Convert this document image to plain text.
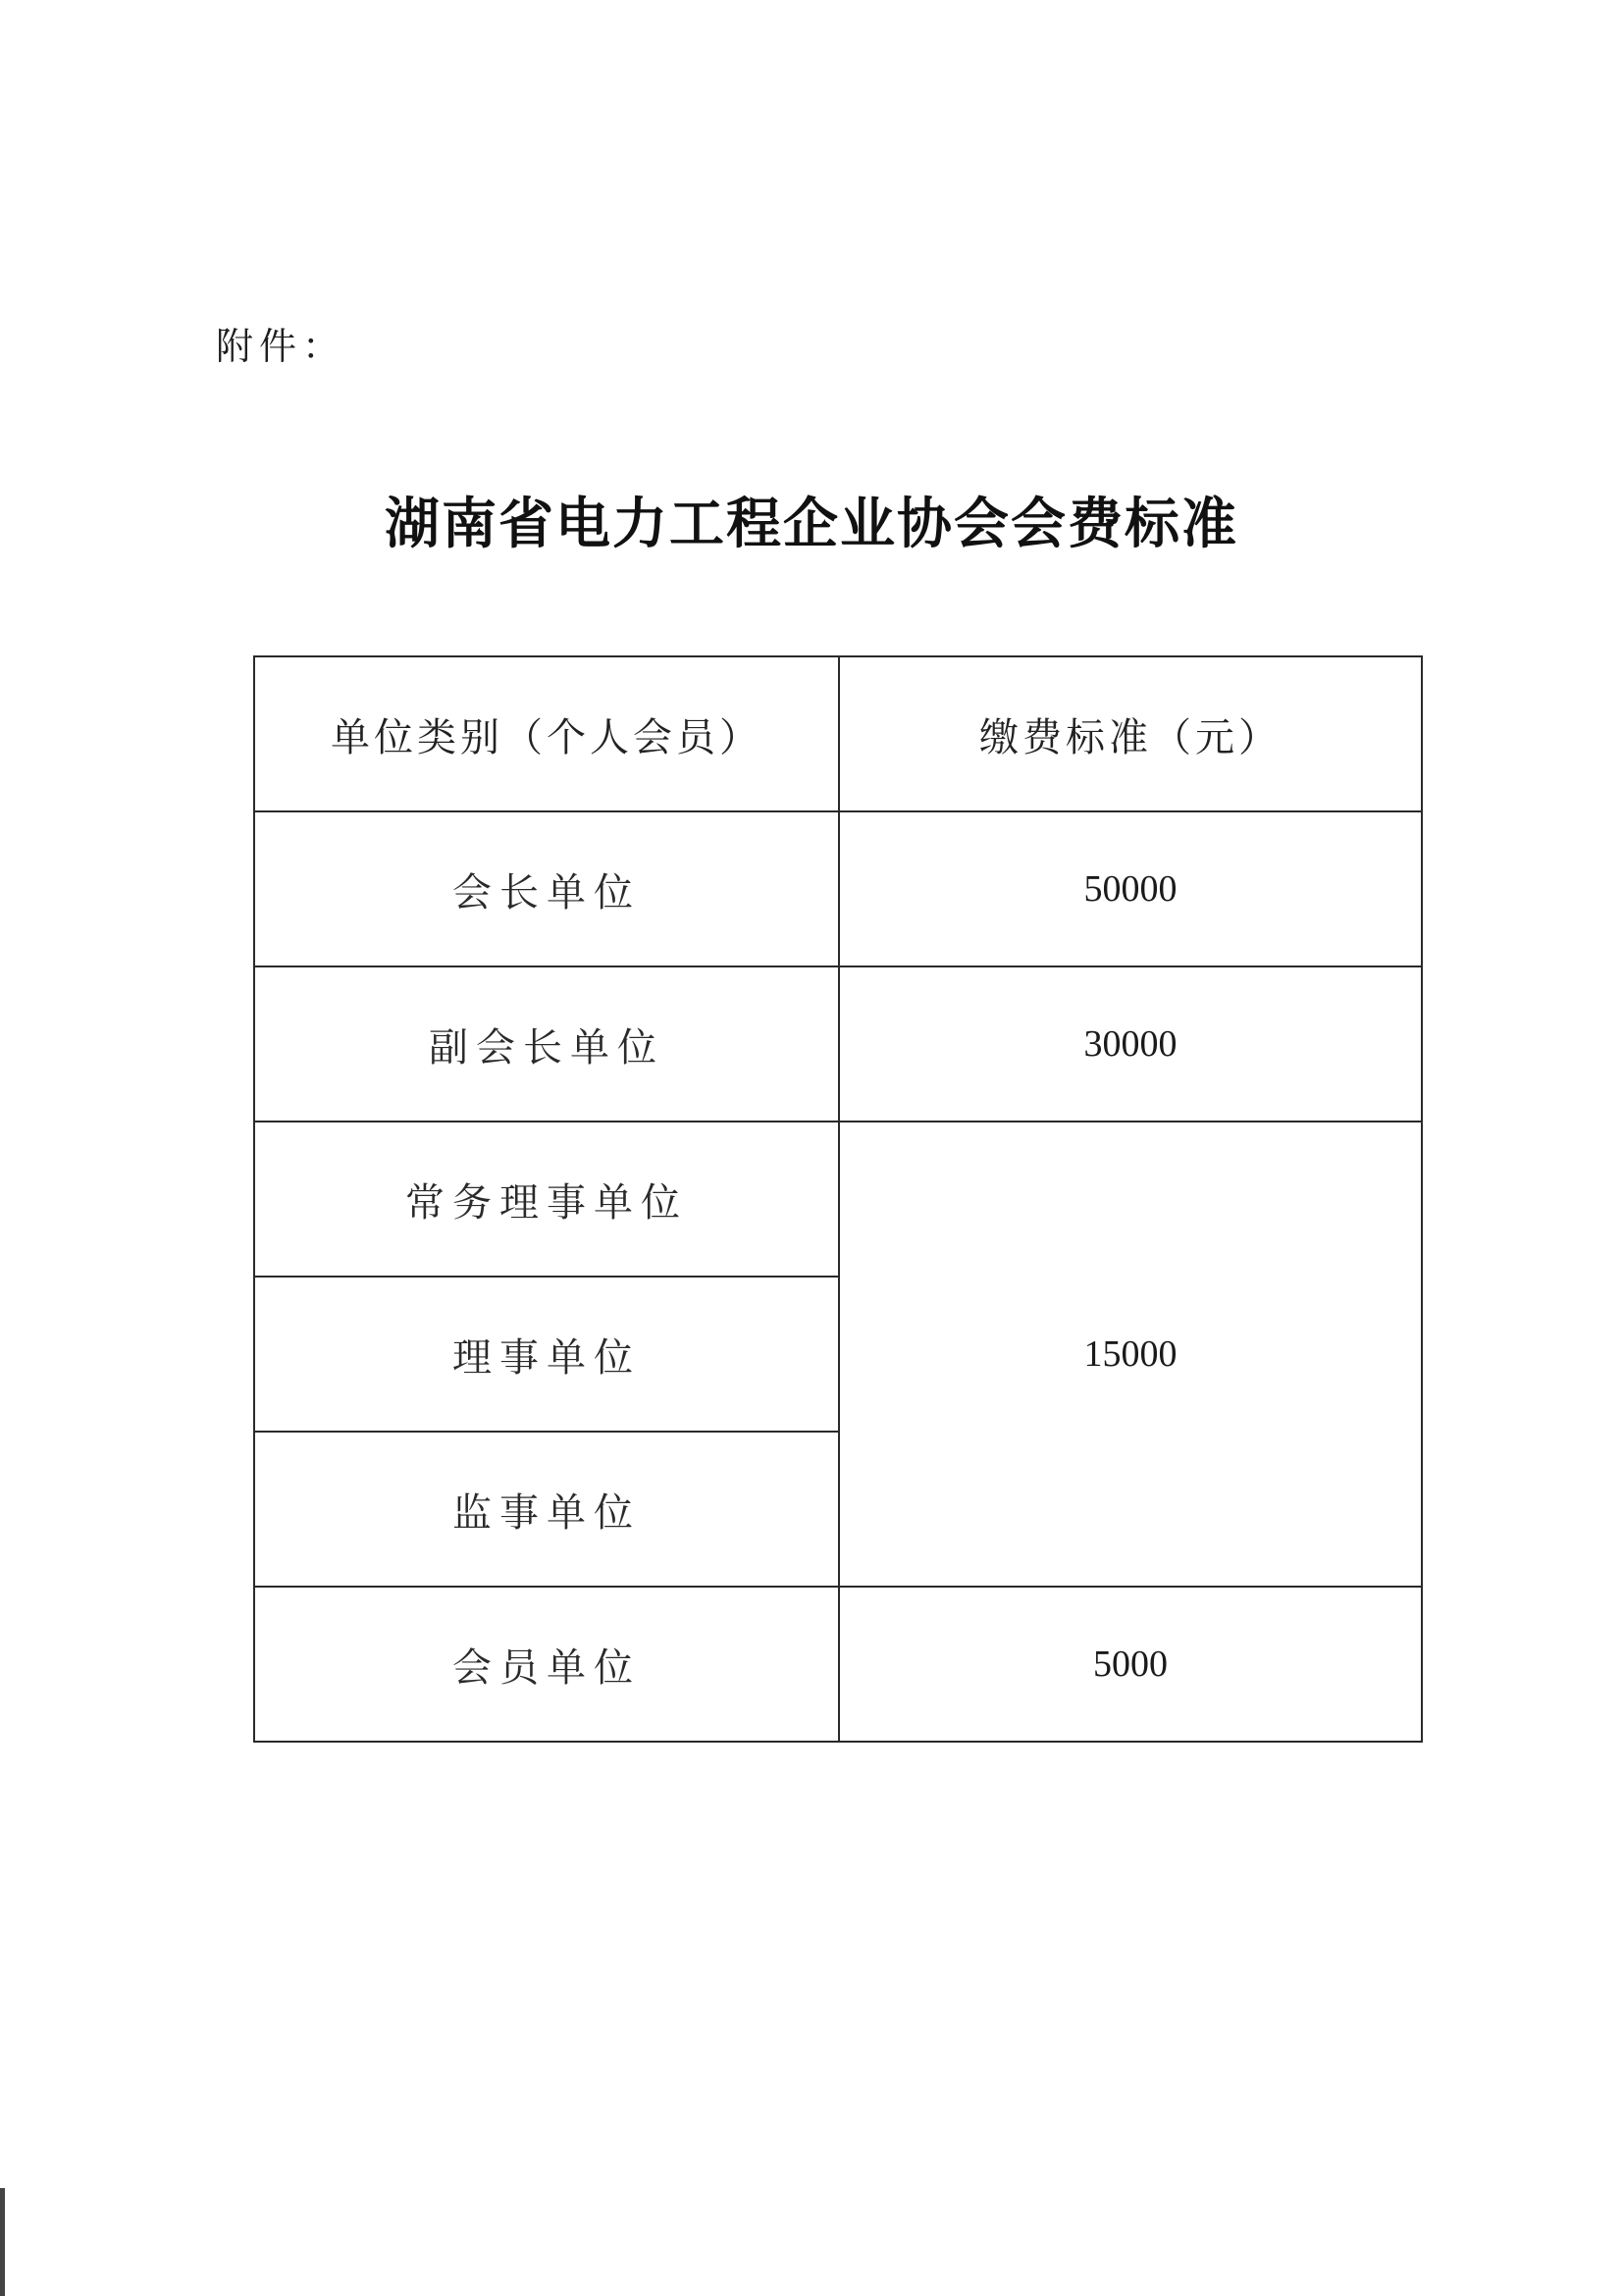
附件：
湖南省电力工程企业协会会费标准
单位类别（个人会员）	缴费标准（元）
会长单位	50000
副会长单位	30000
常务理事单位	15000
理事单位	
监事单位	
会员单位	5000
